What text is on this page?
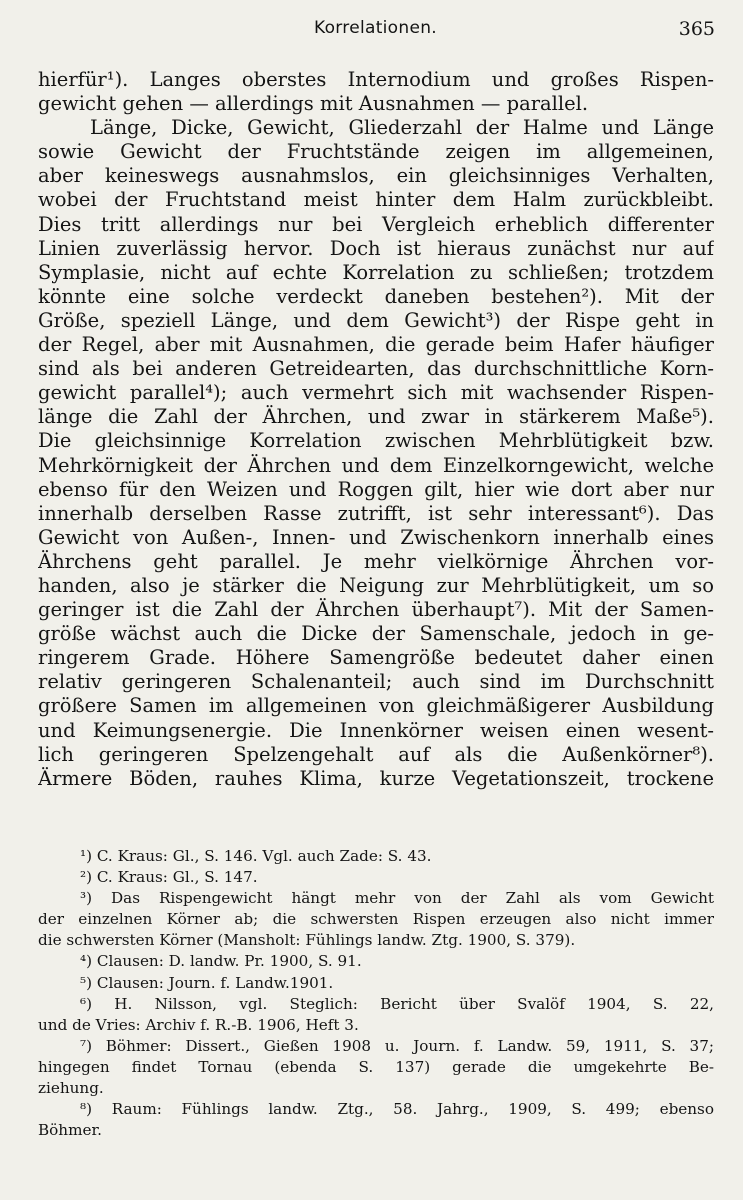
Korrelationen.	365
hierfür¹). Langes oberstes Internodium und großes Rispen-
gewicht gehen — allerdings mit Ausnahmen — parallel.
Länge, Dicke, Gewicht, Gliederzahl der Halme und Länge
sowie Gewicht der Fruchtstände zeigen im allgemeinen,
aber keineswegs ausnahmslos, ein gleichsinniges Verhalten,
wobei der Fruchtstand meist hinter dem Halm zurückbleibt.
Dies tritt allerdings nur bei Vergleich erheblich differenter
Linien zuverlässig hervor. Doch ist hieraus zunächst nur auf
Symplasie, nicht auf echte Korrelation zu schließen; trotzdem
könnte eine solche verdeckt daneben bestehen²). Mit der
Größe, speziell Länge, und dem Gewicht³) der Rispe geht in
der Regel, aber mit Ausnahmen, die gerade beim Hafer häufiger
sind als bei anderen Getreidearten, das durchschnittliche Korn-
gewicht parallel⁴); auch vermehrt sich mit wachsender Rispen-
länge die Zahl der Ährchen, und zwar in stärkerem Maße⁵).
Die gleichsinnige Korrelation zwischen Mehrblütigkeit bzw.
Mehrkörnigkeit der Ährchen und dem Einzelkorngewicht, welche
ebenso für den Weizen und Roggen gilt, hier wie dort aber nur
innerhalb derselben Rasse zutrifft, ist sehr interessant⁶). Das
Gewicht von Außen-, Innen- und Zwischenkorn innerhalb eines
Ährchens geht parallel. Je mehr vielkörnige Ährchen vor-
handen, also je stärker die Neigung zur Mehrblütigkeit, um so
geringer ist die Zahl der Ährchen überhaupt⁷). Mit der Samen-
größe wächst auch die Dicke der Samenschale, jedoch in ge-
ringerem Grade. Höhere Samengröße bedeutet daher einen
relativ geringeren Schalenanteil; auch sind im Durchschnitt
größere Samen im allgemeinen von gleichmäßigerer Ausbildung
und Keimungsenergie. Die Innenkörner weisen einen wesent-
lich geringeren Spelzengehalt auf als die Außenkörner⁸).
Ärmere Böden, rauhes Klima, kurze Vegetationszeit, trockene
¹) C. Kraus: Gl., S. 146. Vgl. auch Zade: S. 43.
²) C. Kraus: Gl., S. 147.
³) Das Rispengewicht hängt mehr von der Zahl als vom Gewicht
der einzelnen Körner ab; die schwersten Rispen erzeugen also nicht immer
die schwersten Körner (Mansholt: Fühlings landw. Ztg. 1900, S. 379).
⁴) Clausen: D. landw. Pr. 1900, S. 91.
⁵) Clausen: Journ. f. Landw.1901.
⁶) H. Nilsson, vgl. Steglich: Bericht über Svalöf 1904, S. 22,
und de Vries: Archiv f. R.-B. 1906, Heft 3.
⁷) Böhmer: Dissert., Gießen 1908 u. Journ. f. Landw. 59, 1911, S. 37;
hingegen findet Tornau (ebenda S. 137) gerade die umgekehrte Be-
ziehung.
⁸) Raum: Fühlings landw. Ztg., 58. Jahrg., 1909, S. 499; ebenso
Böhmer.
